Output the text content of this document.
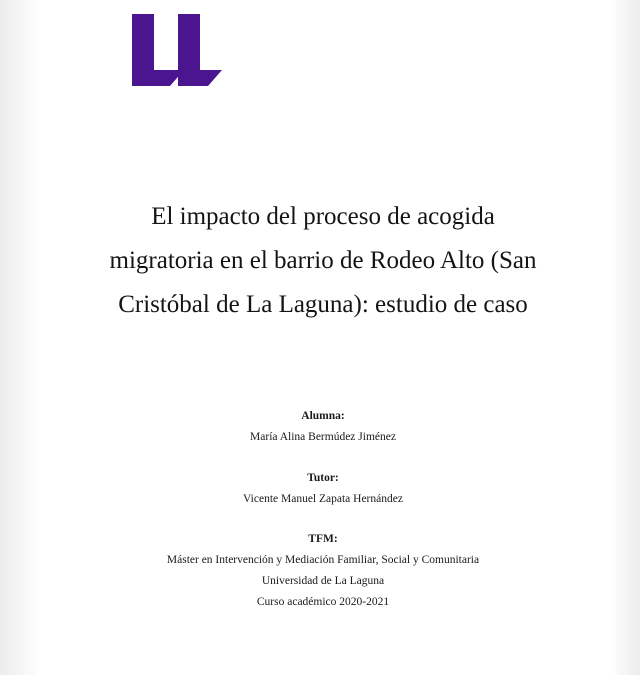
El impacto del proceso de acogida
migratoria en el barrio de Rodeo Alto (San
Cristóbal de La Laguna): estudio de caso
Alumna:
María Alina Bermúdez Jiménez
Tutor:
Vicente Manuel Zapata Hernández
TFM:
Máster en Intervención y Mediación Familiar, Social y Comunitaria
Universidad de La Laguna
Curso académico 2020-2021
